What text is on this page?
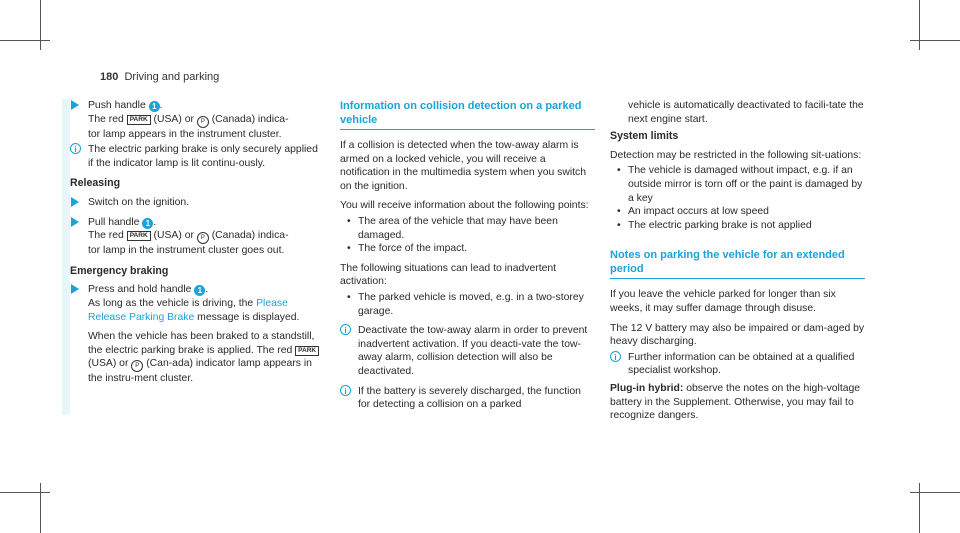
180 Driving and parking
Push handle 1 .
The red PARK (USA) or P (Canada) indica-
tor lamp appears in the instrument cluster.
i	The electric parking brake is only securely applied if the indicator lamp is lit continu-ously.
Releasing
Switch on the ignition.
Pull handle 1 .
The red PARK (USA) or P (Canada) indica-
tor lamp in the instrument cluster goes out.
Emergency braking
Press and hold handle 1 .
As long as the vehicle is driving, the Please Release Parking Brake message is displayed.

When the vehicle has been braked to a standstill, the electric parking brake is applied. The red PARK (USA) or P (Can-ada) indicator lamp appears in the instru-ment cluster.

Information on collision detection on a parked vehicle

If a collision is detected when the tow-away alarm is armed on a locked vehicle, you will receive a notification in the multimedia system when you switch on the ignition.

You will receive information about the following points:

• The area of the vehicle that may have been damaged.
• The force of the impact.

The following situations can lead to inadvertent activation:

• The parked vehicle is moved, e.g. in a two-storey garage.
i	Deactivate the tow-away alarm in order to prevent inadvertent activation. If you deacti-vate the tow-away alarm, collision detection will also be deactivated.
i	If the battery is severely discharged, the function for detecting a collision on a parked
vehicle is automatically deactivated to facili-tate the next engine start.
System limits

Detection may be restricted in the following sit-uations:

• The vehicle is damaged without impact, e.g. if an outside mirror is torn off or the paint is damaged by a key
• An impact occurs at low speed
• The electric parking brake is not applied
Notes on parking the vehicle for an extended period

If you leave the vehicle parked for longer than six weeks, it may suffer damage through disuse.

The 12 V battery may also be impaired or dam-aged by heavy discharging.

i	Further information can be obtained at a qualified specialist workshop.

Plug-in hybrid: observe the notes on the high-voltage battery in the Supplement. Otherwise, you may fail to recognize dangers.
